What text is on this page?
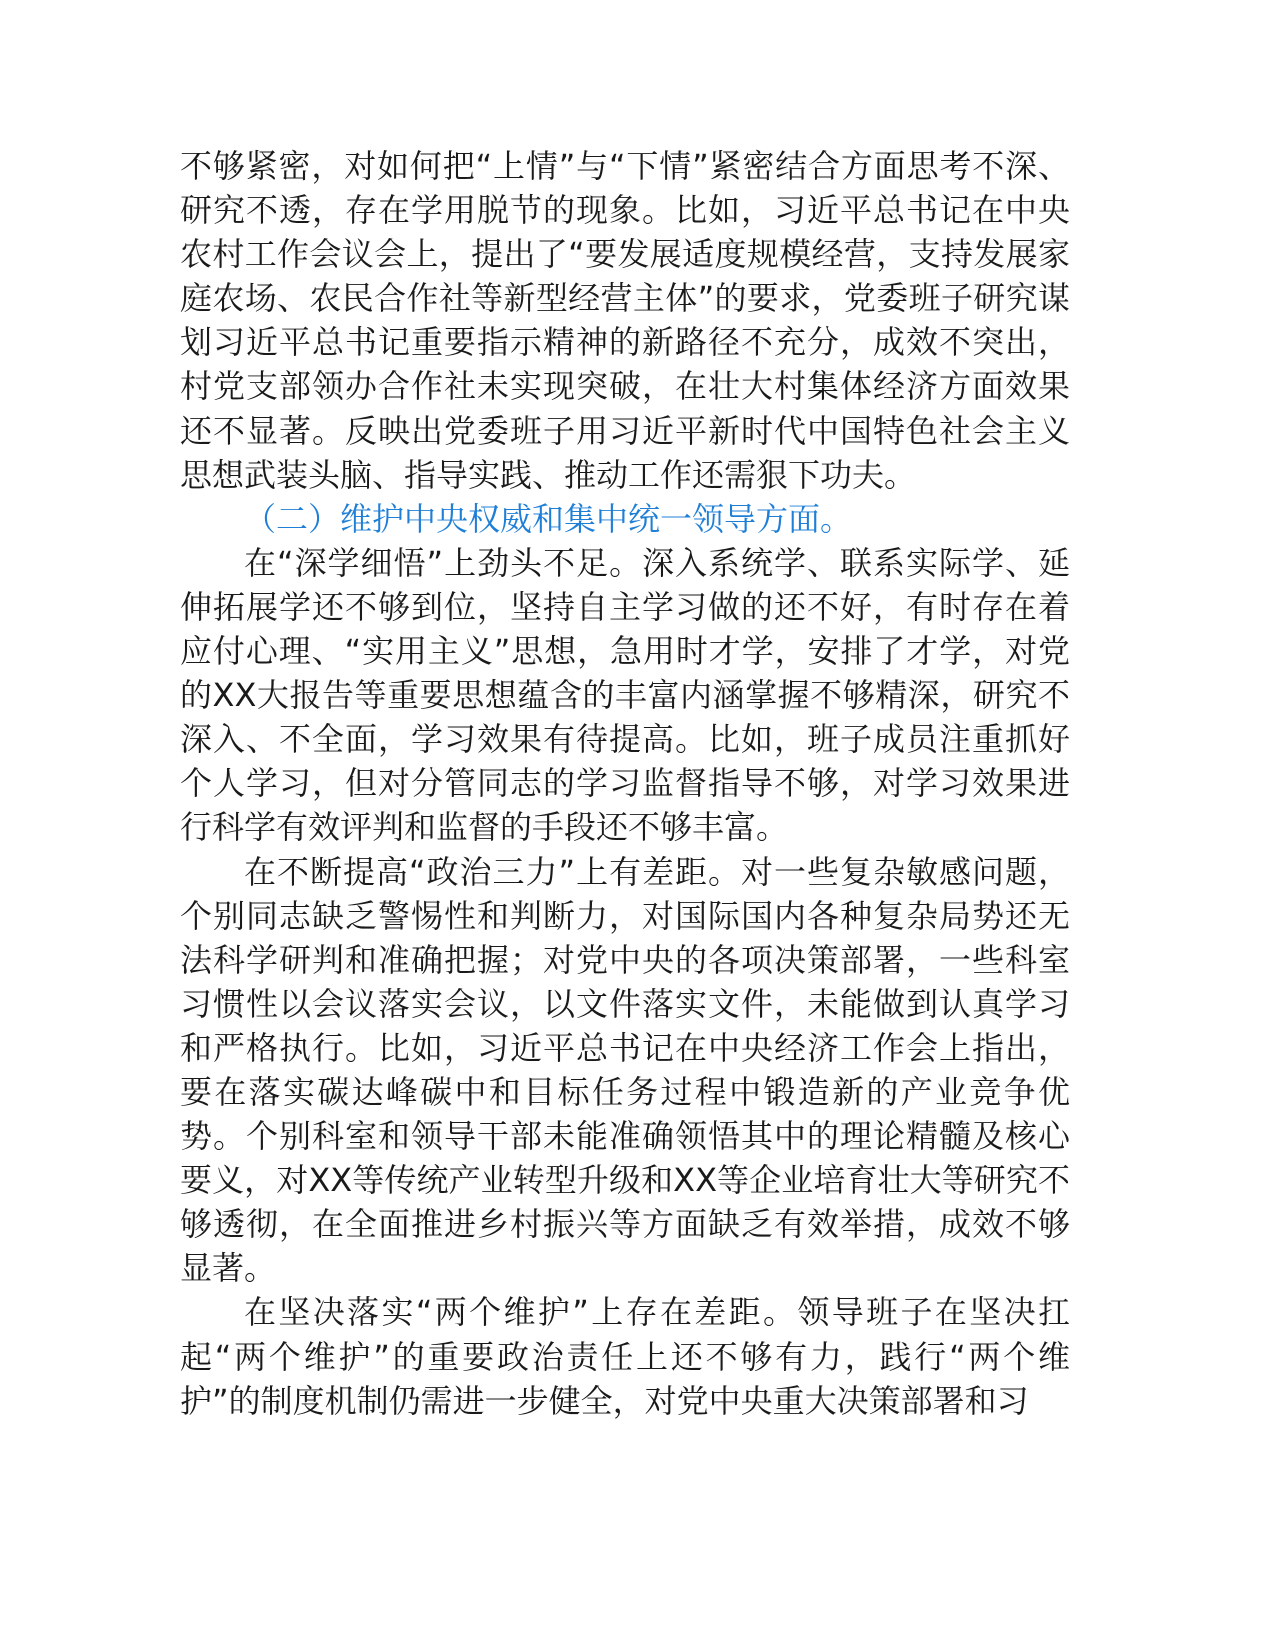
不够紧密，对如何把“上情”与“下情”紧密结合方面思考不深、研究不透，存在学用脱节的现象。比如，习近平总书记在中央农村工作会议会上，提出了“要发展适度规模经营，支持发展家庭农场、农民合作社等新型经营主体”的要求，党委班子研究谋划习近平总书记重要指示精神的新路径不充分，成效不突出，村党支部领办合作社未实现突破，在壮大村集体经济方面效果还不显著。反映出党委班子用习近平新时代中国特色社会主义思想武装头脑、指导实践、推动工作还需狠下功夫。

（二）维护中央权威和集中统一领导方面。

在“深学细悟”上劲头不足。深入系统学、联系实际学、延伸拓展学还不够到位，坚持自主学习做的还不好，有时存在着应付心理、“实用主义”思想，急用时才学，安排了才学，对党的XX大报告等重要思想蕴含的丰富内涵掌握不够精深，研究不深入、不全面，学习效果有待提高。比如，班子成员注重抓好个人学习，但对分管同志的学习监督指导不够，对学习效果进行科学有效评判和监督的手段还不够丰富。

在不断提高“政治三力”上有差距。对一些复杂敏感问题，个别同志缺乏警惕性和判断力，对国际国内各种复杂局势还无法科学研判和准确把握；对党中央的各项决策部署，一些科室习惯性以会议落实会议，以文件落实文件，未能做到认真学习和严格执行。比如，习近平总书记在中央经济工作会上指出，要在落实碳达峰碳中和目标任务过程中锻造新的产业竞争优势。个别科室和领导干部未能准确领悟其中的理论精髓及核心要义，对XX等传统产业转型升级和XX等企业培育壮大等研究不够透彻，在全面推进乡村振兴等方面缺乏有效举措，成效不够显著。

在坚决落实“两个维护”上存在差距。领导班子在坚决扛起“两个维护”的重要政治责任上还不够有力，践行“两个维护”的制度机制仍需进一步健全，对党中央重大决策部署和习
